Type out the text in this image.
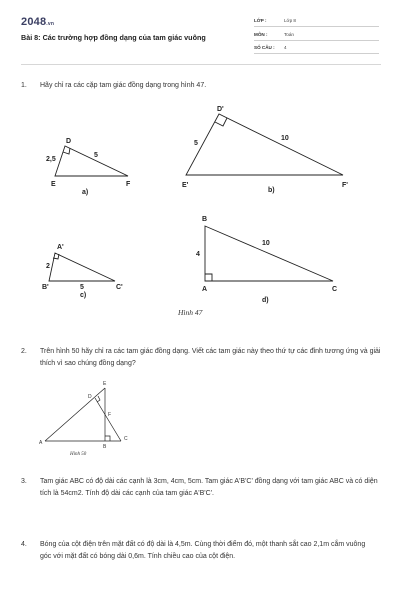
2048.vn
Bài 8: Các trường hợp đồng dạng của tam giác vuông
LỚP :	Lớp 8
MÔN :	Toán
SỐ CÂU : 4
1. Hãy chỉ ra các cặp tam giác đồng dạng trong hình 47.
D
E	F
2,5
5
a)
D'
E'	F'
5
10
b)
A'
B'	C'
2
5
c)
B
A	C
4
10
d)
Hình 47
2. Trên hình 50 hãy chỉ ra các tam giác đồng dạng. Viết các tam giác này theo thứ tự các đỉnh tương ứng và giải thích vì sao chúng đồng dạng?
A
B
C
D
E
F
Hình 50
3. Tam giác ABC có độ dài các cạnh là 3cm, 4cm, 5cm. Tam giác A'B'C' đồng dạng với tam giác ABC và có diện tích là 54cm2. Tính độ dài các cạnh của tam giác A'B'C'.
4. Bóng của cột điện trên mặt đất có độ dài là 4,5m. Cùng thời điểm đó, một thanh sắt cao 2,1m cắm vuông góc với mặt đất có bóng dài 0,6m. Tính chiều cao của cột điện.
